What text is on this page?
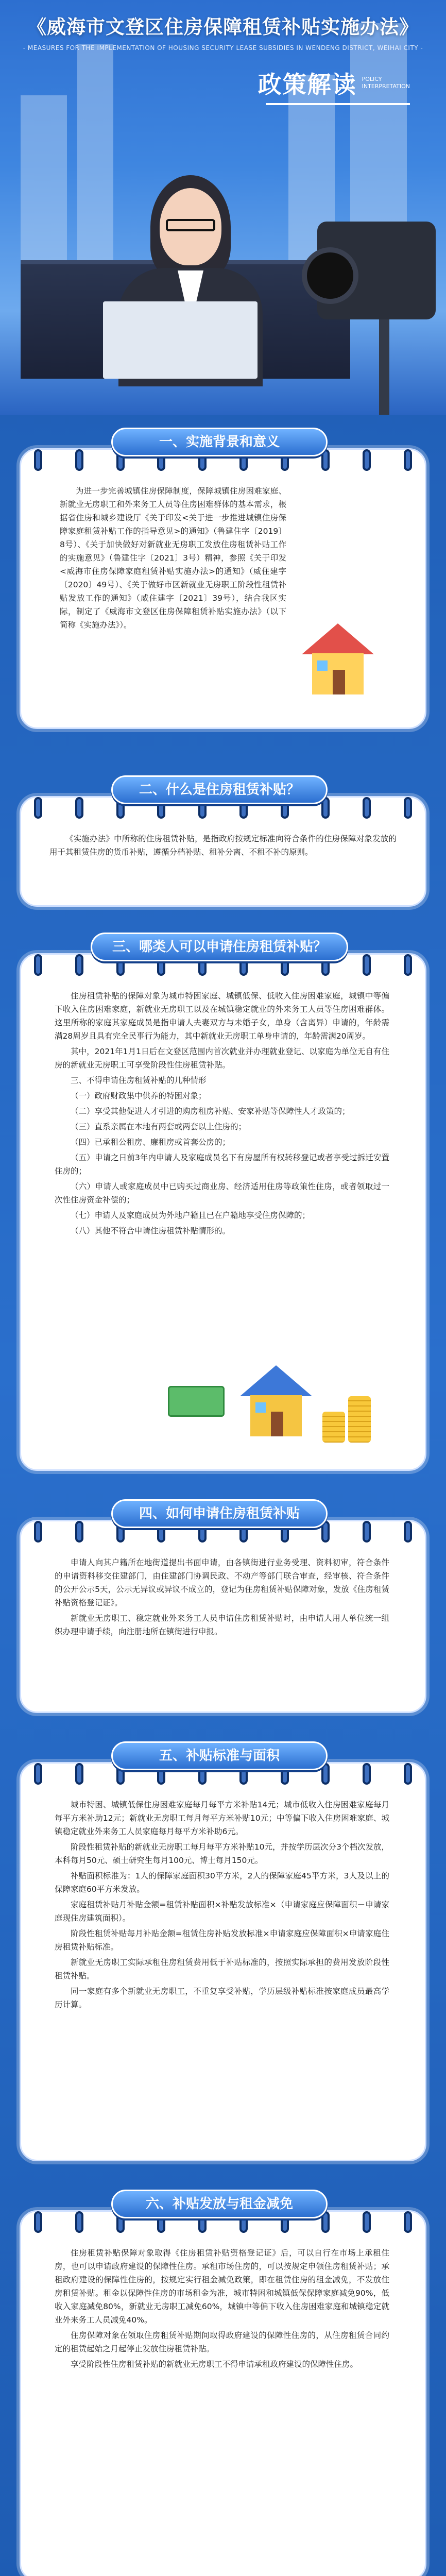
《威海市文登区住房保障租赁补贴实施办法》
- MEASURES FOR THE IMPLEMENTATION OF HOUSING SECURITY LEASE SUBSIDIES IN WENDENG DISTRICT, WEIHAI CITY -
政策解读 POLICY
INTERPRETATION
一、实施背景和意义

为进一步完善城镇住房保障制度，保障城镇住房困难家庭、新就业无房职工和外来务工人员等住房困难群体的基本需求，根据省住房和城乡建设厅《关于印发<关于进一步推进城镇住房保障家庭租赁补贴工作的指导意见>的通知》（鲁建住字〔2019〕8号）、《关于加快做好对新就业无房职工发放住房租赁补贴工作的实施意见》（鲁建住字〔2021〕3号）精神，参照《关于印发<威海市住房保障家庭租赁补贴实施办法>的通知》（威住建字〔2020〕49号）、《关于做好市区新就业无房职工阶段性租赁补贴发放工作的通知》（威住建字〔2021〕39号），结合我区实际，制定了《威海市文登区住房保障租赁补贴实施办法》（以下简称《实施办法》）。

二、什么是住房租赁补贴？

《实施办法》中所称的住房租赁补贴，是指政府按规定标准向符合条件的住房保障对象发放的用于其租赁住房的货币补贴，遵循分档补贴、租补分离、不租不补的原则。

三、哪类人可以申请住房租赁补贴？

住房租赁补贴的保障对象为城市特困家庭、城镇低保、低收入住房困难家庭，城镇中等偏下收入住房困难家庭，新就业无房职工以及在城镇稳定就业的外来务工人员等住房困难群体。这里所称的家庭其家庭成员是指申请人夫妻双方与未婚子女，单身（含离异）申请的，年龄需满28周岁且具有完全民事行为能力，其中新就业无房职工单身申请的，年龄需满20周岁。

其中，2021年1月1日后在文登区范围内首次就业并办理就业登记、以家庭为单位无自有住房的新就业无房职工可享受阶段性住房租赁补贴。

三、不得申请住房租赁补贴的几种情形

（一）政府财政集中供养的特困对象；

（二）享受其他促进人才引进的购房租房补贴、安家补贴等保障性人才政策的；

（三）直系亲属在本地有两套或两套以上住房的；

（四）已承租公租房、廉租房或首套公房的；

（五）申请之日前3年内申请人及家庭成员名下有房屋所有权转移登记或者享受过拆迁安置住房的；

（六）申请人或家庭成员中已购买过商业房、经济适用住房等政策性住房，或者领取过一次性住房资金补偿的；

（七）申请人及家庭成员为外地户籍且已在户籍地享受住房保障的；

（八）其他不符合申请住房租赁补贴情形的。

四、如何申请住房租赁补贴

申请人向其户籍所在地街道提出书面申请，由各镇街进行业务受理、资料初审，符合条件的申请资料移交住建部门，由住建部门协调民政、不动产等部门联合审查，经审核、符合条件的公开公示5天，公示无异议或异议不成立的，登记为住房租赁补贴保障对象，发放《住房租赁补贴资格登记证》。

新就业无房职工、稳定就业外来务工人员申请住房租赁补贴时，由申请人用人单位统一组织办理申请手续，向注册地所在镇街进行申报。

五、补贴标准与面积

城市特困、城镇低保住房困难家庭每月每平方米补贴14元；城市低收入住房困难家庭每月每平方米补助12元；新就业无房职工每月每平方米补贴10元；中等偏下收入住房困难家庭、城镇稳定就业外来务工人员家庭每月每平方米补助6元。

阶段性租赁补贴的新就业无房职工每月每平方米补贴10元，并按学历层次分3个档次发放，本科每月50元、硕士研究生每月100元、博士每月150元。

补贴面积标准为：1人的保障家庭面积30平方米，2人的保障家庭45平方米，3人及以上的保障家庭60平方米发放。

家庭租赁补贴月补贴金额=租赁补贴面积×补贴发放标准×（申请家庭应保障面积－申请家庭现住房建筑面积）。

阶段性租赁补贴每月补贴金额=租赁住房补贴发放标准×申请家庭应保障面积×申请家庭住房租赁补贴标准。

新就业无房职工实际承租住房租赁费用低于补贴标准的，按照实际承担的费用发放阶段性租赁补贴。

同一家庭有多个新就业无房职工，不重复享受补贴，学历层级补贴标准按家庭成员最高学历计算。

六、补贴发放与租金减免

住房租赁补贴保障对象取得《住房租赁补贴资格登记证》后，可以自行在市场上承租住房，也可以申请政府建设的保障性住房。承租市场住房的，可以按规定申领住房租赁补贴；承租政府建设的保障性住房的，按规定实行租金减免政策，即在租赁住房的租金减免，不发放住房租赁补贴。租金以保障性住房的市场租金为准，城市特困和城镇低保保障家庭减免90%，低收入家庭减免80%，新就业无房职工减免60%，城镇中等偏下收入住房困难家庭和城镇稳定就业外来务工人员减免40%。

住房保障对象在领取住房租赁补贴期间取得政府建设的保障性住房的，从住房租赁合同约定的租赁起始之月起停止发放住房租赁补贴。

享受阶段性住房租赁补贴的新就业无房职工不得申请承租政府建设的保障性住房。
